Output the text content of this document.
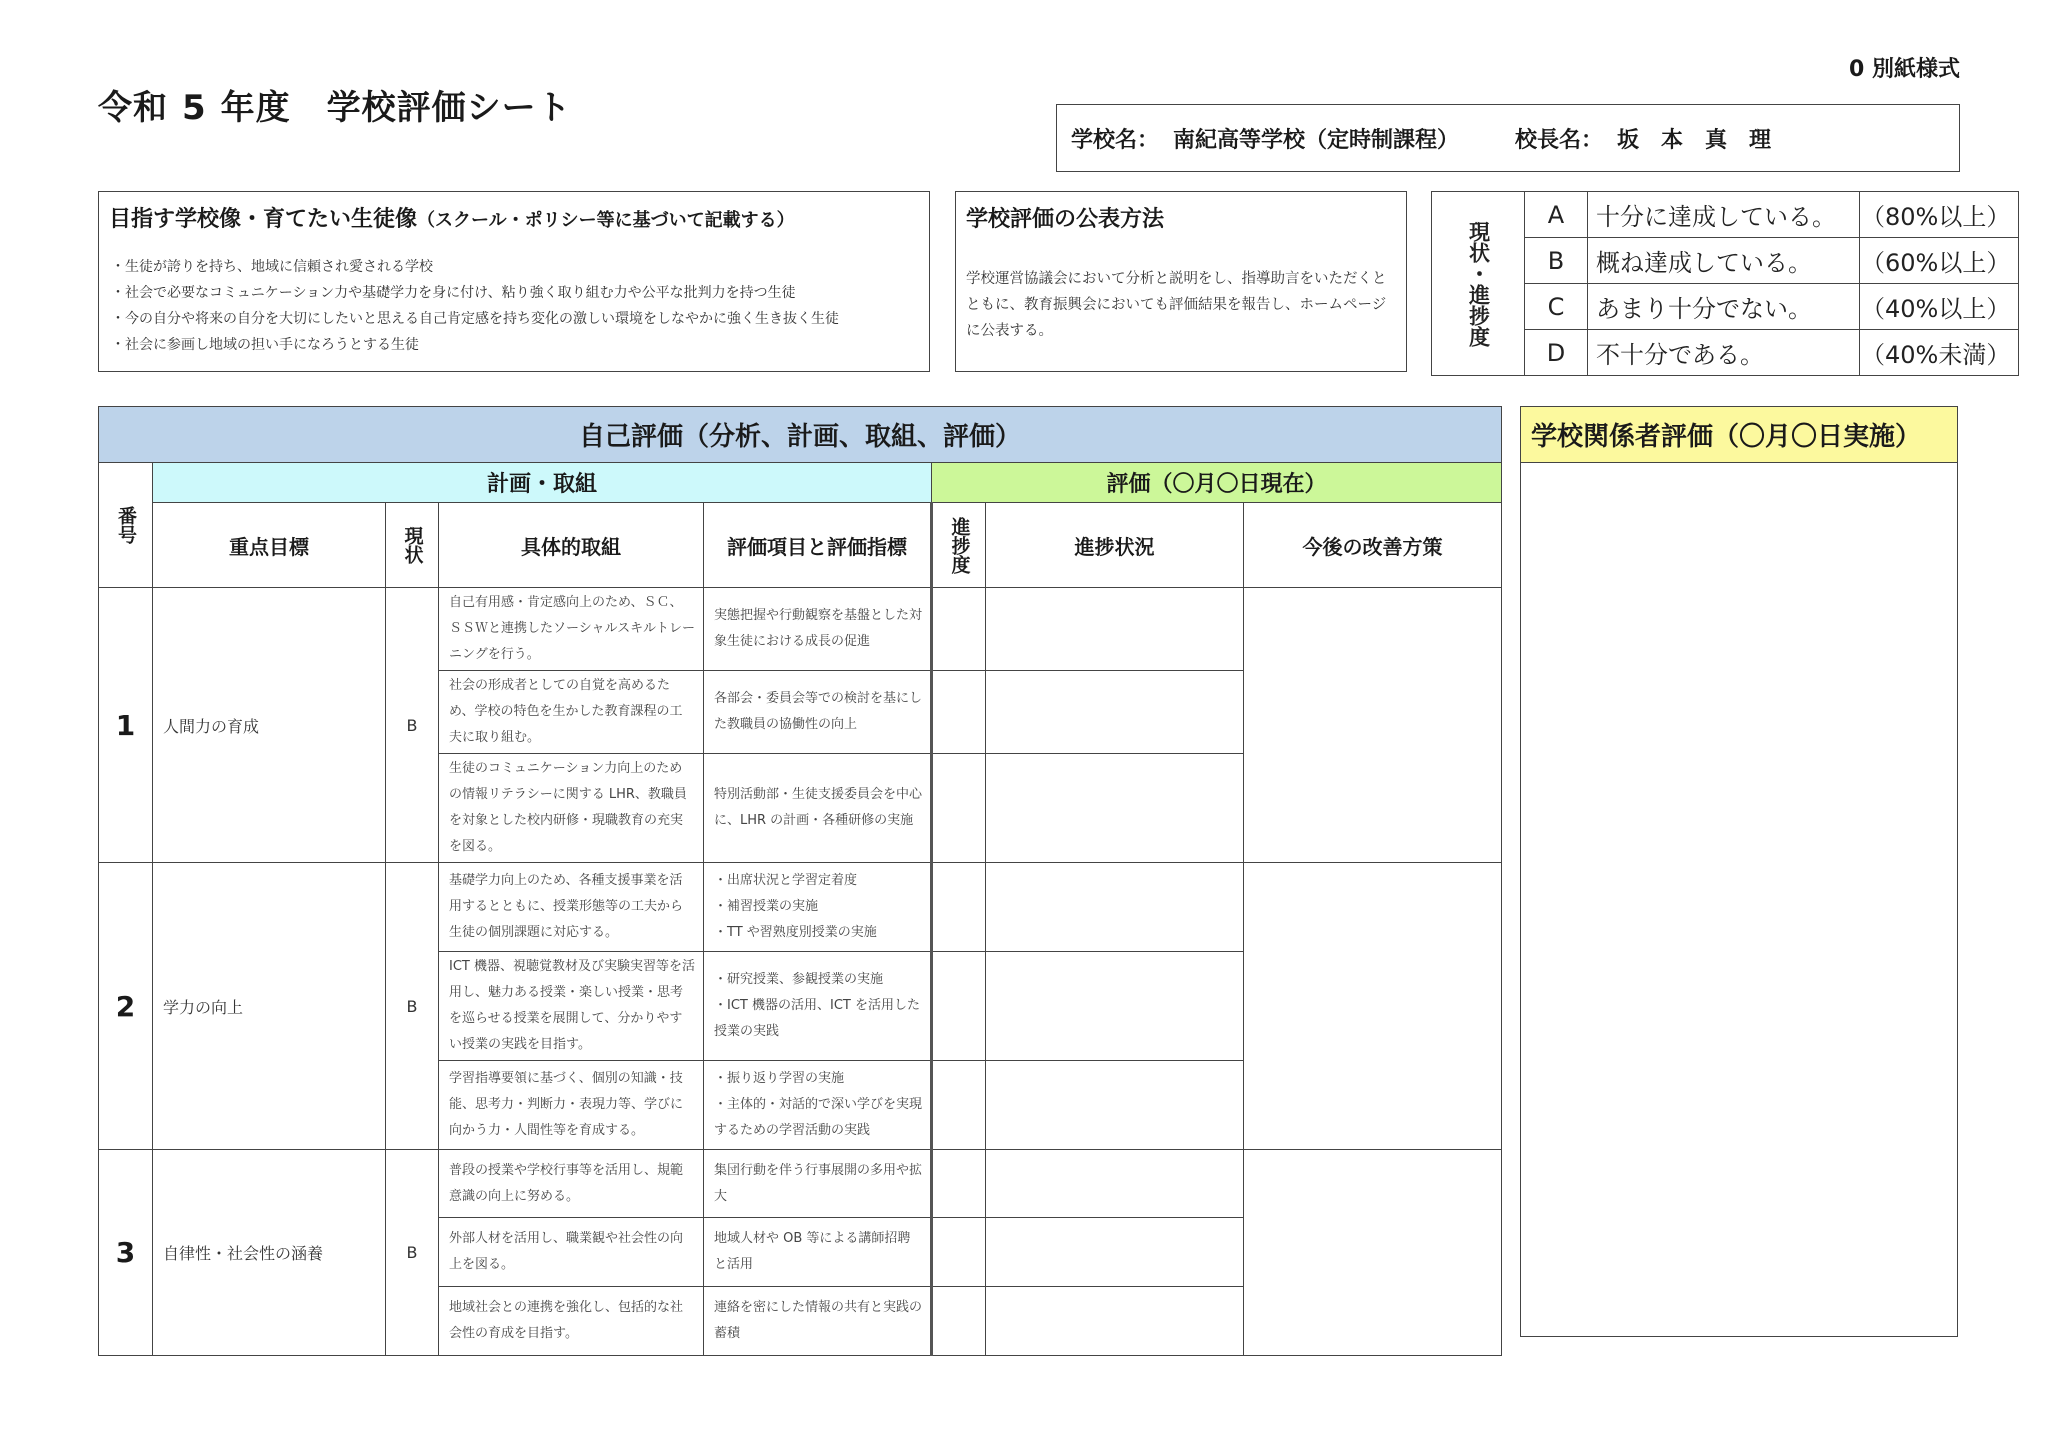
0 別紙様式
令和 5 年度 学校評価シート
学校名： 南紀高等学校（定時制課程）	校長名： 坂　本　真　理
目指す学校像・育てたい生徒像（スクール・ポリシー等に基づいて記載する）
・生徒が誇りを持ち、地域に信頼され愛される学校
・社会で必要なコミュニケーション力や基礎学力を身に付け、粘り強く取り組む力や公平な批判力を持つ生徒
・今の自分や将来の自分を大切にしたいと思える自己肯定感を持ち変化の激しい環境をしなやかに強く生き抜く生徒
・社会に参画し地域の担い手になろうとする生徒
学校評価の公表方法
学校運営協議会において分析と説明をし、指導助言をいただくとともに、教育振興会においても評価結果を報告し、ホームページに公表する。	現状・進捗度	A	十分に達成している。	（80%以上）
	B	概ね達成している。	（60%以上）
	C	あまり十分でない。	（40%以上）
	D	不十分である。	（40%未満）
自己評価（分析、計画、取組、評価）							

番号	計画・取組				評価（〇月〇日現在）		
	重点目標	現状	具体的取組	評価項目と評価指標	進捗度	進捗状況	今後の改善方策
1	人間力の育成	B	自己有用感・肯定感向上のため、ＳＣ、ＳＳＷと連携したソーシャルスキルトレーニングを行う。	実態把握や行動観察を基盤とした対象生徒における成長の促進			

			社会の形成者としての自覚を高めるため、学校の特色を生かした教育課程の工夫に取り組む。	各部会・委員会等での検討を基にした教職員の協働性の向上			

			生徒のコミュニケーション力向上のための情報リテラシーに関する LHR、教職員を対象とした校内研修・現職教育の充実を図る。	特別活動部・生徒支援委員会を中心に、LHR の計画・各種研修の実施			

2	学力の向上	B	基礎学力向上のため、各種支援事業を活用するとともに、授業形態等の工夫から生徒の個別課題に対応する。	・出席状況と学習定着度
・補習授業の実施
・TT や習熟度別授業の実施			

			ICT 機器、視聴覚教材及び実験実習等を活用し、魅力ある授業・楽しい授業・思考を巡らせる授業を展開して、分かりやすい授業の実践を目指す。	・研究授業、参観授業の実施
・ICT 機器の活用、ICT を活用した授業の実践			

			学習指導要領に基づく、個別の知識・技能、思考力・判断力・表現力等、学びに向かう力・人間性等を育成する。	・振り返り学習の実施
・主体的・対話的で深い学びを実現するための学習活動の実践			

3	自律性・社会性の涵養	B	普段の授業や学校行事等を活用し、規範意識の向上に努める。	集団行動を伴う行事展開の多用や拡大			

			外部人材を活用し、職業観や社会性の向上を図る。	地域人材や OB 等による講師招聘と活用			

			地域社会との連携を強化し、包括的な社会性の育成を目指す。	連絡を密にした情報の共有と実践の蓄積			

学校関係者評価（〇月〇日実施）
